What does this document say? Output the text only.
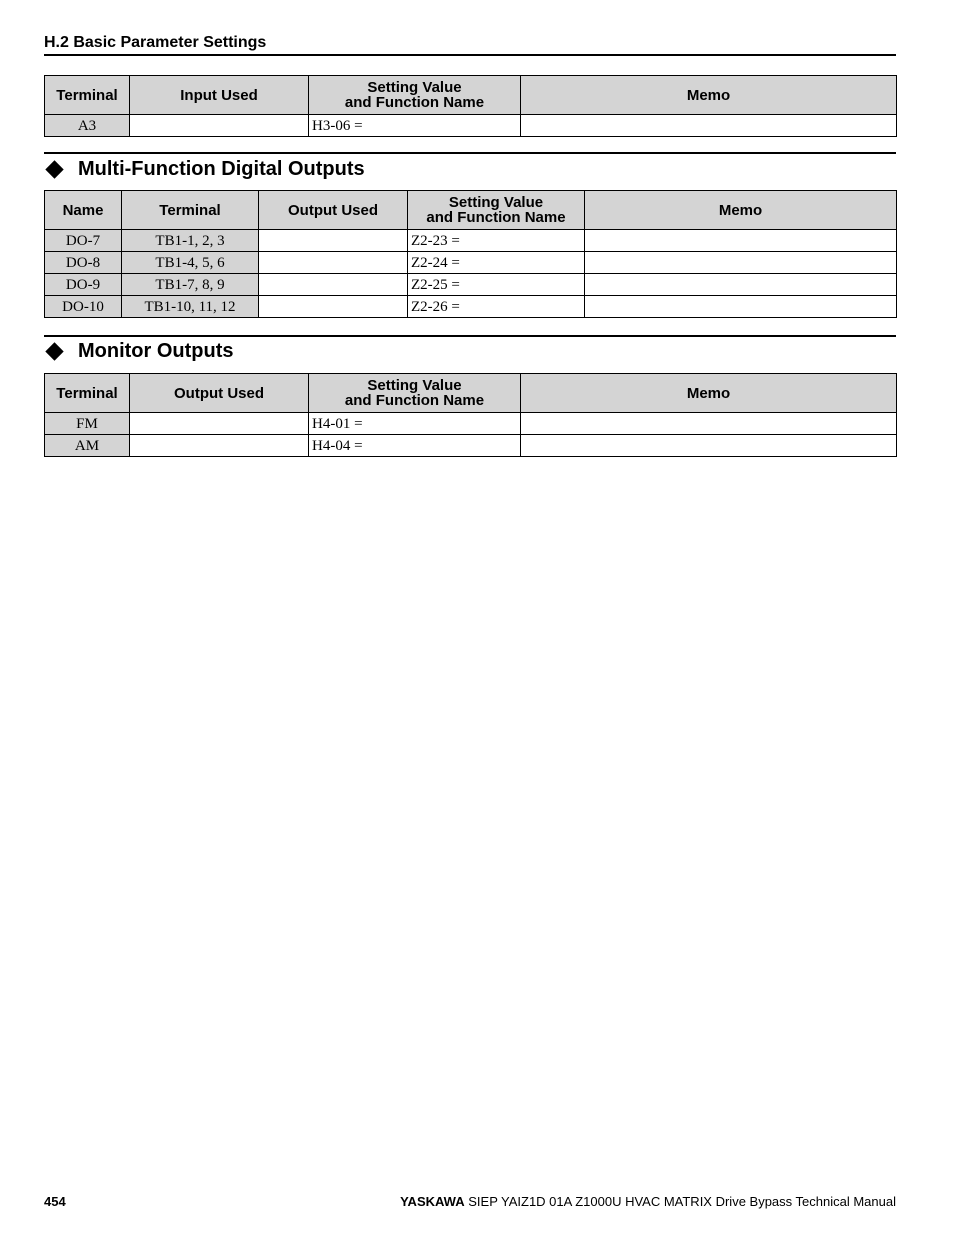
H.2 Basic Parameter Settings
Terminal	Input Used	Setting Value
and Function Name	Memo
A3		H3-06 =	
Multi-Function Digital Outputs
Name	Terminal	Output Used	Setting Value
and Function Name	Memo
DO-7	TB1-1, 2, 3		Z2-23 =	
DO-8	TB1-4, 5, 6		Z2-24 =	
DO-9	TB1-7, 8, 9		Z2-25 =	
DO-10	TB1-10, 11, 12		Z2-26 =	
Monitor Outputs
Terminal	Output Used	Setting Value
and Function Name	Memo
FM		H4-01 =	
AM		H4-04 =	
454	YASKAWA SIEP YAIZ1D 01A Z1000U HVAC MATRIX Drive Bypass Technical Manual
